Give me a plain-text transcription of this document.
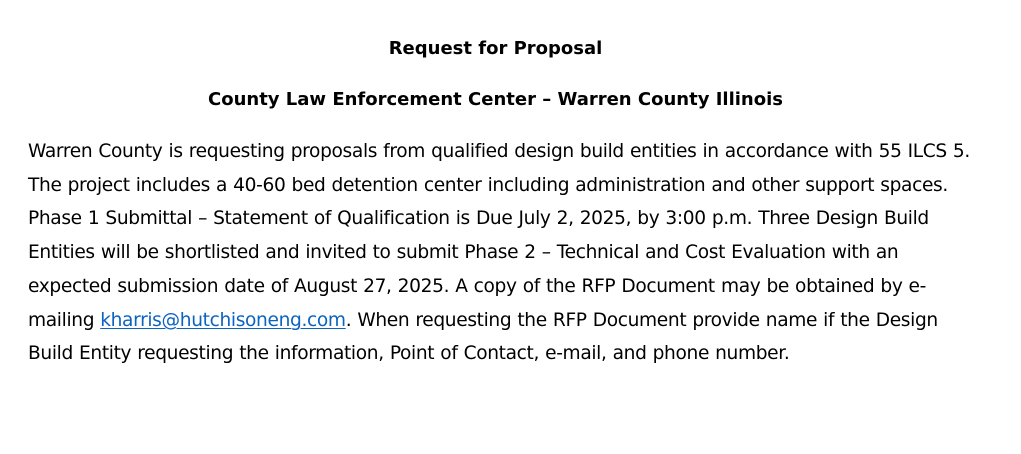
Request for Proposal

County Law Enforcement Center – Warren County Illinois

Warren County is requesting proposals from qualified design build entities in accordance with 55 ILCS 5. The project includes a 40-60 bed detention center including administration and other support spaces. Phase 1 Submittal – Statement of Qualification is Due July 2, 2025, by 3:00 p.m. Three Design Build Entities will be shortlisted and invited to submit Phase 2 – Technical and Cost Evaluation with an expected submission date of August 27, 2025. A copy of the RFP Document may be obtained by e-mailing kharris@hutchisoneng.com. When requesting the RFP Document provide name if the Design Build Entity requesting the information, Point of Contact, e-mail, and phone number.
